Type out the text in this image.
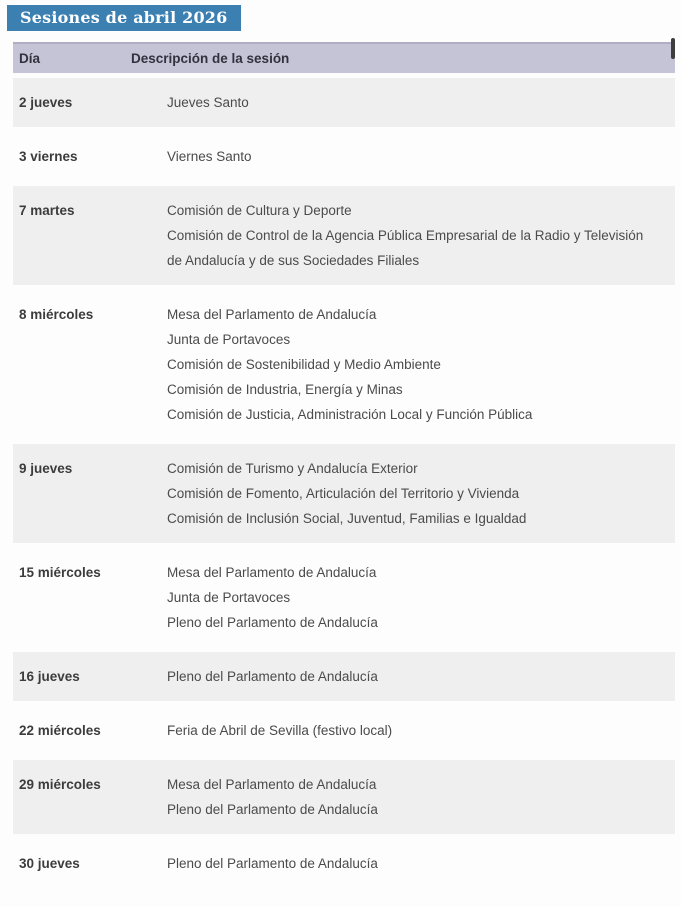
Sesiones de abril 2026
Día	Descripción de la sesión
2 jueves	Jueves Santo

3 viernes	Viernes Santo

7 martes	Comisión de Cultura y Deporte
Comisión de Control de la Agencia Pública Empresarial de la Radio y Televisión de Andalucía y de sus Sociedades Filiales

8 miércoles	Mesa del Parlamento de Andalucía
Junta de Portavoces
Comisión de Sostenibilidad y Medio Ambiente
Comisión de Industria, Energía y Minas
Comisión de Justicia, Administración Local y Función Pública

9 jueves	Comisión de Turismo y Andalucía Exterior
Comisión de Fomento, Articulación del Territorio y Vivienda
Comisión de Inclusión Social, Juventud, Familias e Igualdad

15 miércoles	Mesa del Parlamento de Andalucía
Junta de Portavoces
Pleno del Parlamento de Andalucía

16 jueves	Pleno del Parlamento de Andalucía

22 miércoles	Feria de Abril de Sevilla (festivo local)

29 miércoles	Mesa del Parlamento de Andalucía
Pleno del Parlamento de Andalucía

30 jueves	Pleno del Parlamento de Andalucía
